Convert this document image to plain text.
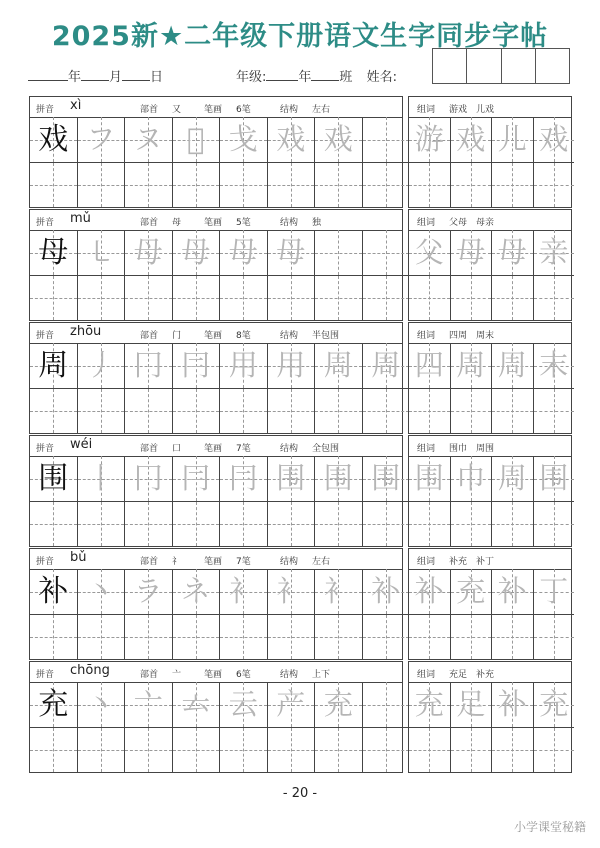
2025新★二年级下册语文生字同步字帖
年 月 日	年级: 年 班 姓名:
拼音 xì	部首 又	笔画 6笔	结构 左右
戏 フ ヌ 𬼀 戈 戏 戏
组词 游戏　儿戏
游 戏 儿 戏
拼音 mǔ	部首 母	笔画 5笔	结构 独
母 ㇄ 母 母 母 母
组词 父母　母亲
父 母 母 亲
拼音 zhōu	部首 门	笔画 8笔	结构 半包围
周 丿 冂 冃 用 用 周 周
组词 四周　周末
四 周 周 末
拼音 wéi	部首 口	笔画 7笔	结构 全包围
围 丨 冂 冃 冃 围 围 围
组词 围巾　周围
围 巾 周 围
拼音 bǔ	部首 礻	笔画 7笔	结构 左右
补 丶 ラ ネ 衤 衤 衤 补
组词 补充　补丁
补 充 补 丁
拼音 chōng	部首 亠	笔画 6笔	结构 上下
充 丶 亠 𠫓 云 产 充
组词 充足　补充
充 足 补 充
- 20 -
小学课堂秘籍
